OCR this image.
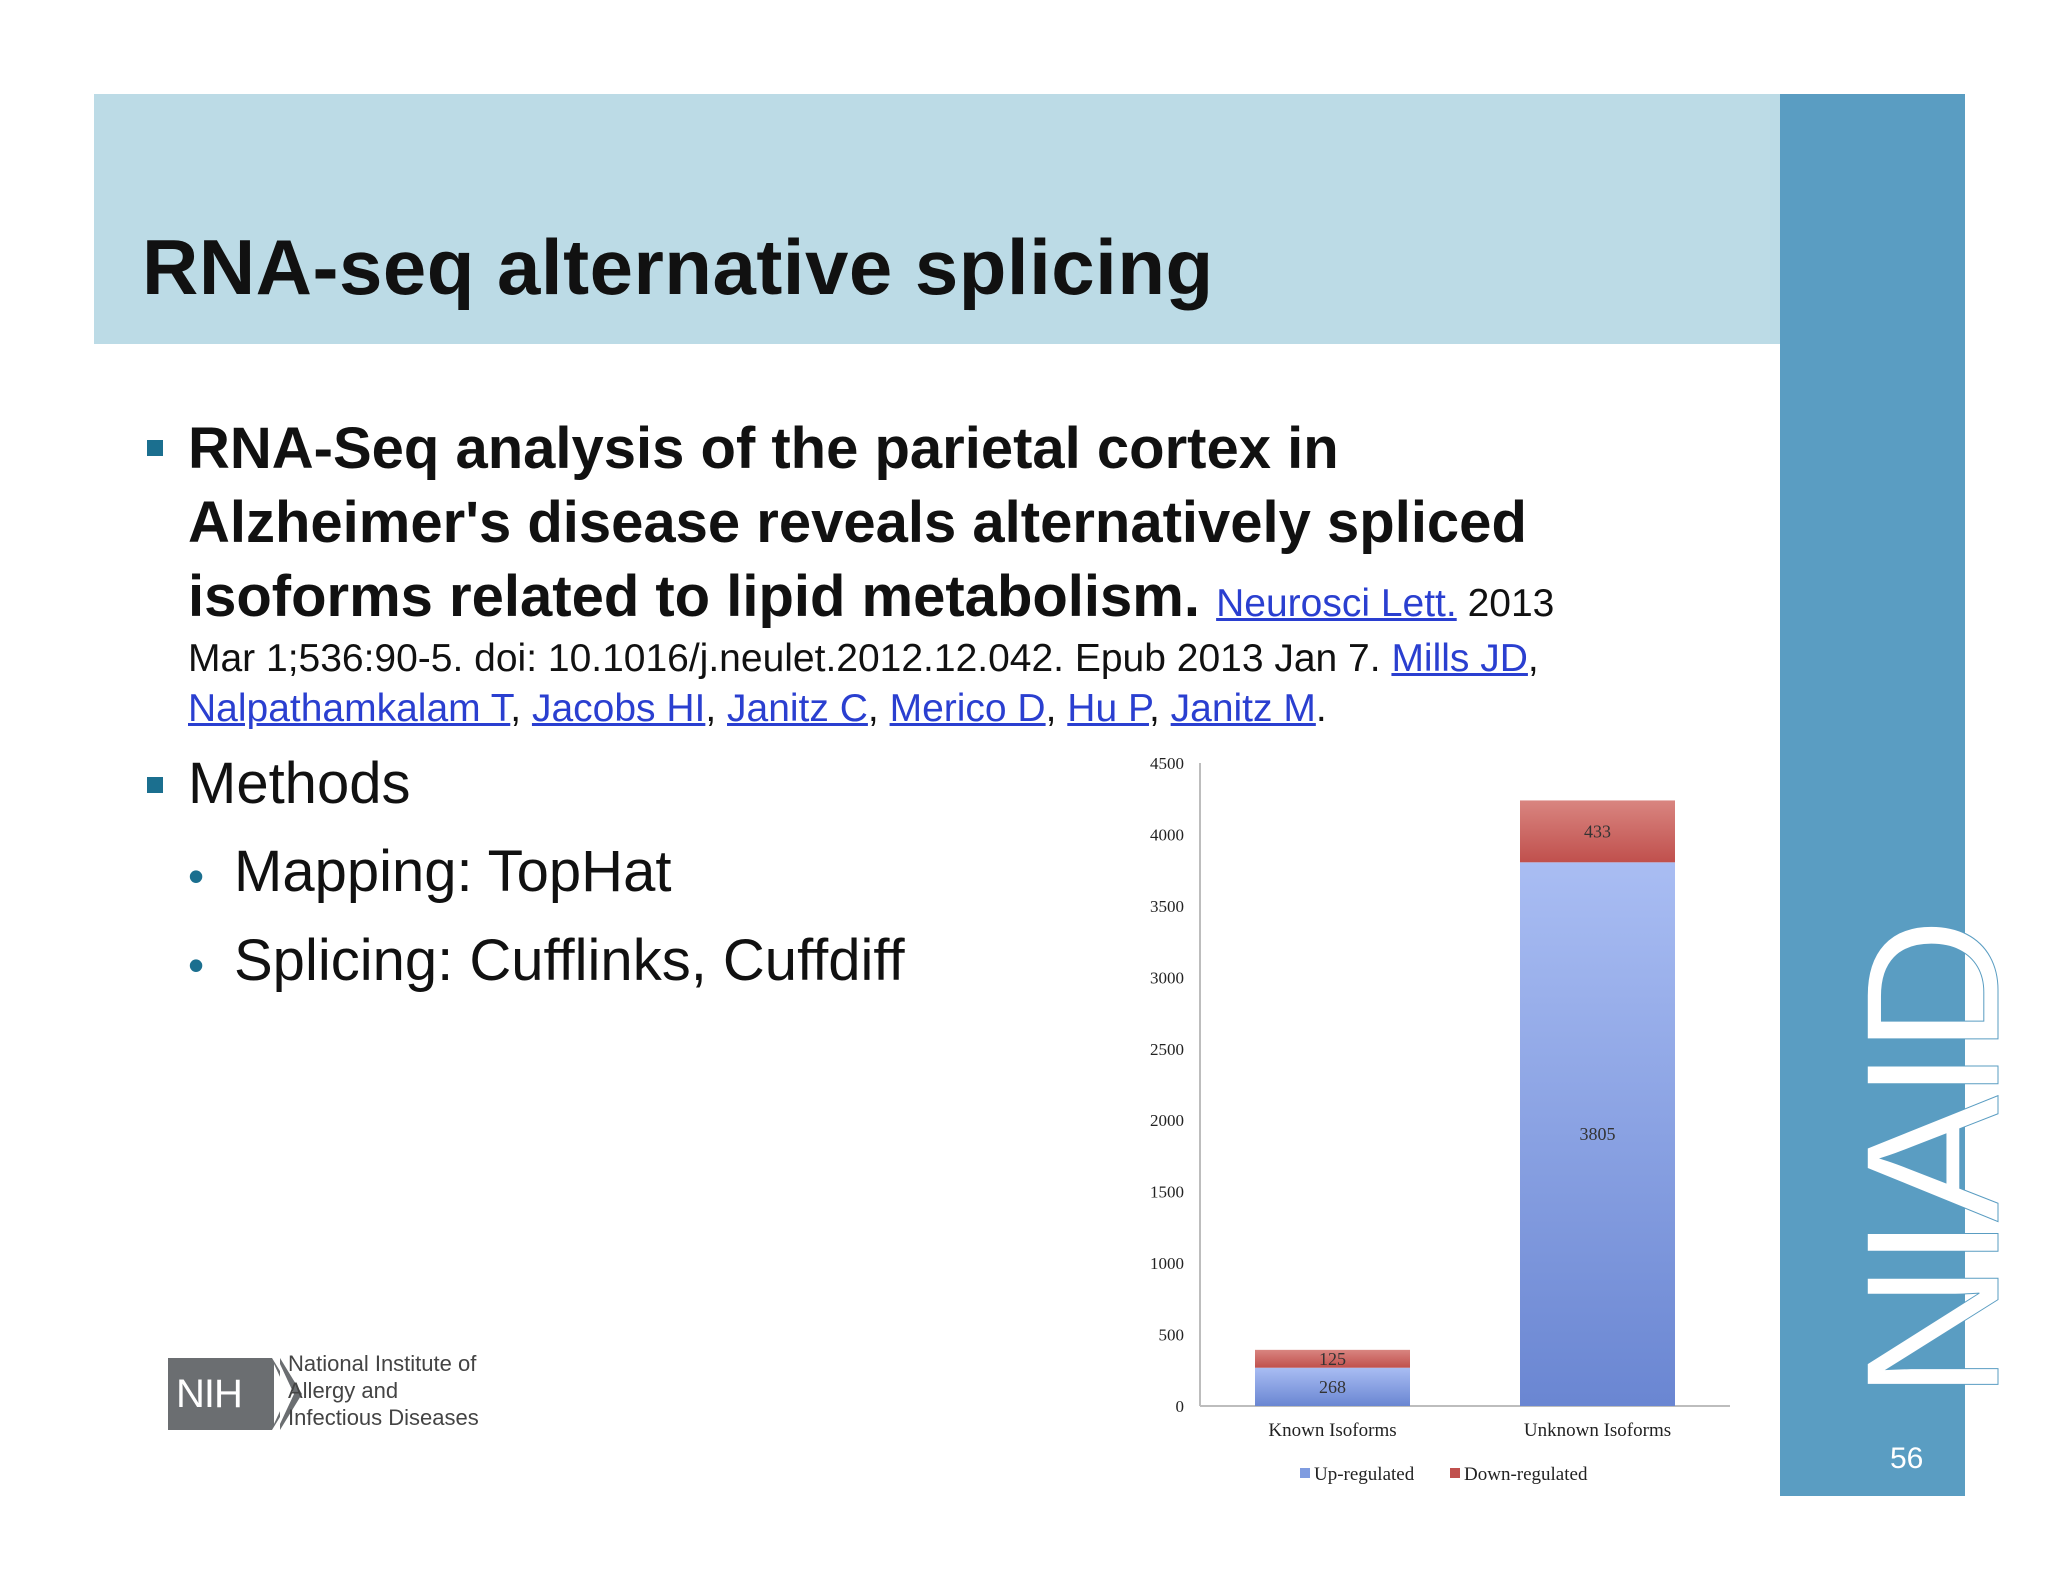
RNA-seq alternative splicing
NIAID
56
RNA-Seq analysis of the parietal cortex in
Alzheimer's disease reveals alternatively spliced
isoforms related to lipid metabolism. Neurosci Lett. 2013
Mar 1;536:90-5. doi: 10.1016/j.neulet.2012.12.042. Epub 2013 Jan 7. Mills JD,
Nalpathamkalam T, Jacobs HI, Janitz C, Merico D, Hu P, Janitz M.
Methods
• Mapping: TopHat
• Splicing: Cufflinks, Cuffdiff
NIH
National Institute of
Allergy and
Infectious Diseases	0
500
1000
1500
2000
2500
3000
3500
4000
4500
268
125
Known Isoforms
3805
433
Unknown Isoforms
Up-regulated	Down-regulated
